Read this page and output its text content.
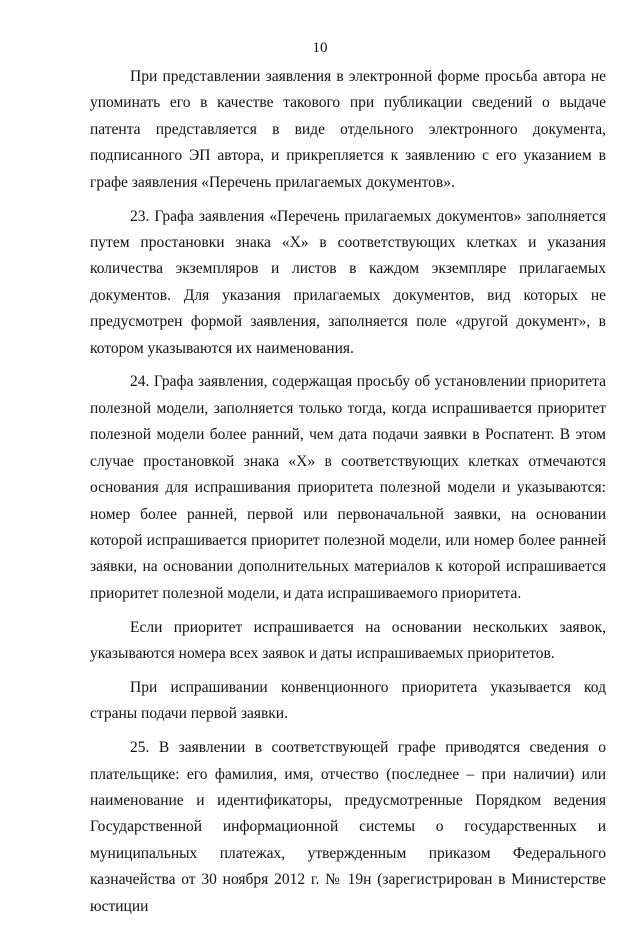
10

При представлении заявления в электронной форме просьба автора не упоминать его в качестве такового при публикации сведений о выдаче патента представляется в виде отдельного электронного документа, подписанного ЭП автора, и прикрепляется к заявлению с его указанием в графе заявления «Перечень прилагаемых документов».

23. Графа заявления «Перечень прилагаемых документов» заполняется путем простановки знака «Х» в соответствующих клетках и указания количества экземпляров и листов в каждом экземпляре прилагаемых документов. Для указания прилагаемых документов, вид которых не предусмотрен формой заявления, заполняется поле «другой документ», в котором указываются их наименования.

24. Графа заявления, содержащая просьбу об установлении приоритета полезной модели, заполняется только тогда, когда испрашивается приоритет полезной модели более ранний, чем дата подачи заявки в Роспатент. В этом случае простановкой знака «Х» в соответствующих клетках отмечаются основания для испрашивания приоритета полезной модели и указываются: номер более ранней, первой или первоначальной заявки, на основании которой испрашивается приоритет полезной модели, или номер более ранней заявки, на основании дополнительных материалов к которой испрашивается приоритет полезной модели, и дата испрашиваемого приоритета.

Если приоритет испрашивается на основании нескольких заявок, указываются номера всех заявок и даты испрашиваемых приоритетов.

При испрашивании конвенционного приоритета указывается код страны подачи первой заявки.

25. В заявлении в соответствующей графе приводятся сведения о плательщике: его фамилия, имя, отчество (последнее – при наличии) или наименование и идентификаторы, предусмотренные Порядком ведения Государственной информационной системы о государственных и муниципальных платежах, утвержденным приказом Федерального казначейства от 30 ноября 2012 г. № 19н (зарегистрирован в Министерстве юстиции
